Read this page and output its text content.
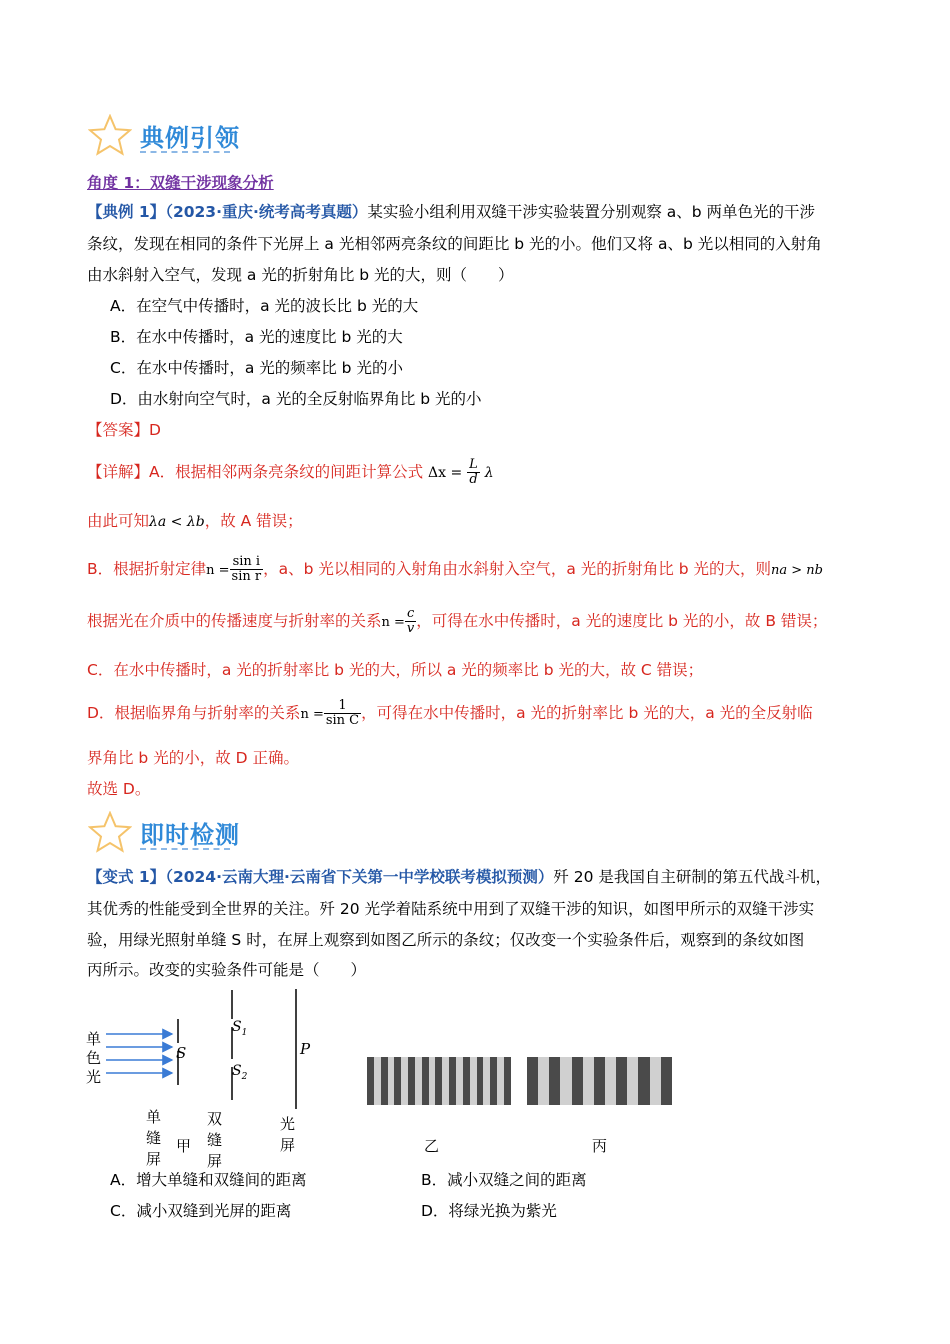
典例引领
角度 1：双缝干涉现象分析
【典例 1】（2023·重庆·统考高考真题）某实验小组利用双缝干涉实验装置分别观察 a、b 两单色光的干涉
条纹，发现在相同的条件下光屏上 a 光相邻两亮条纹的间距比 b 光的小。他们又将 a、b 光以相同的入射角
由水斜射入空气，发现 a 光的折射角比 b 光的大，则（　　）
A．在空气中传播时，a 光的波长比 b 光的大
B．在水中传播时，a 光的速度比 b 光的大
C．在水中传播时，a 光的频率比 b 光的小
D．由水射向空气时，a 光的全反射临界角比 b 光的小
【答案】D
【详解】A．根据相邻两条亮条纹的间距计算公式 $\Delta x = \frac{L}{d}$ λ
由此可知λa < λb，故 A 错误；
B．根据折射定律$n = \frac{\text{sin i}}{\text{sin r}}$ ，a、b 光以相同的入射角由水斜射入空气，a 光的折射角比 b 光的大，则na > nb
根据光在介质中的传播速度与折射率的关系$n = \frac{c}{v}$ ，可得在水中传播时，a 光的速度比 b 光的小，故 B 错误；
C．在水中传播时，a 光的折射率比 b 光的大，所以 a 光的频率比 b 光的大，故 C 错误；
D．根据临界角与折射率的关系$n = \frac{1}{\text{sin C}}$ ，可得在水中传播时，a 光的折射率比 b 光的大，a 光的全反射临
界角比 b 光的小，故 D 正确。
故选 D。
即时检测
【变式 1】（2024·云南大理·云南省下关第一中学校联考模拟预测）歼 20 是我国自主研制的第五代战斗机，
其优秀的性能受到全世界的关注。歼 20 光学着陆系统中用到了双缝干涉的知识，如图甲所示的双缝干涉实
验，用绿光照射单缝 S 时，在屏上观察到如图乙所示的条纹；仅改变一个实验条件后，观察到的条纹如图
丙所示。改变的实验条件可能是（　　）
单
色
光
S
$S_1$
$S_2$
P
单缝屏
双缝屏
光屏
甲	乙	丙
A．增大单缝和双缝间的距离	B．减小双缝之间的距离
C．减小双缝到光屏的距离	D．将绿光换为紫光
